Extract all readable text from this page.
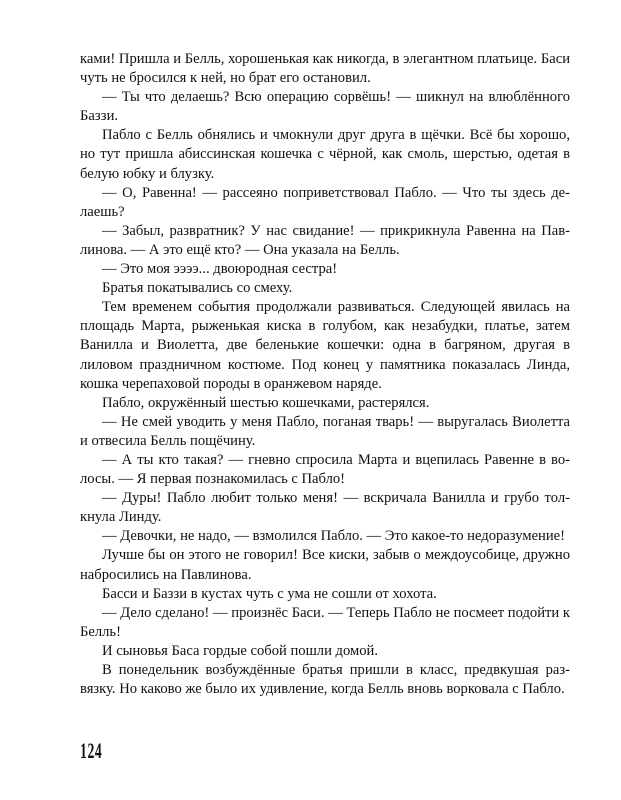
ками! Пришла и Белль, хорошенькая как никогда, в элегантном платьице. Баси чуть не бросился к ней, но брат его остановил.

— Ты что делаешь? Всю операцию сорвёшь! — шикнул на влюблённого Баззи.

Пабло с Белль обнялись и чмокнули друг друга в щёчки. Всё бы хорошо, но тут пришла абиссинская кошечка с чёрной, как смоль, шерстью, одетая в белую юбку и блузку.

— О, Равенна! — рассеяно поприветствовал Пабло. — Что ты здесь делаешь?

— Забыл, развратник? У нас свидание! — прикрикнула Равенна на Павлинова. — А это ещё кто? — Она указала на Белль.

— Это моя ээээ... двоюродная сестра!

Братья покатывались со смеху.

Тем временем события продолжали развиваться. Следующей явилась на площадь Марта, рыженькая киска в голубом, как незабудки, платье, затем Ванилла и Виолетта, две беленькие кошечки: одна в багряном, другая в лиловом праздничном костюме. Под конец у памятника показалась Линда, кошка черепаховой породы в оранжевом наряде.

Пабло, окружённый шестью кошечками, растерялся.

— Не смей уводить у меня Пабло, поганая тварь! — выругалась Виолетта и отвесила Белль пощёчину.

— А ты кто такая? — гневно спросила Марта и вцепилась Равенне в волосы. — Я первая познакомилась с Пабло!

— Дуры! Пабло любит только меня! — вскричала Ванилла и грубо толкнула Линду.

— Девочки, не надо, — взмолился Пабло. — Это какое-то недоразумение!

Лучше бы он этого не говорил! Все киски, забыв о междоусобице, дружно набросились на Павлинова.

Басси и Баззи в кустах чуть с ума не сошли от хохота.

— Дело сделано! — произнёс Баси. — Теперь Пабло не посмеет подойти к Белль!

И сыновья Баса гордые собой пошли домой.

В понедельник возбуждённые братья пришли в класс, предвкушая развязку. Но каково же было их удивление, когда Белль вновь ворковала с Пабло.

124
